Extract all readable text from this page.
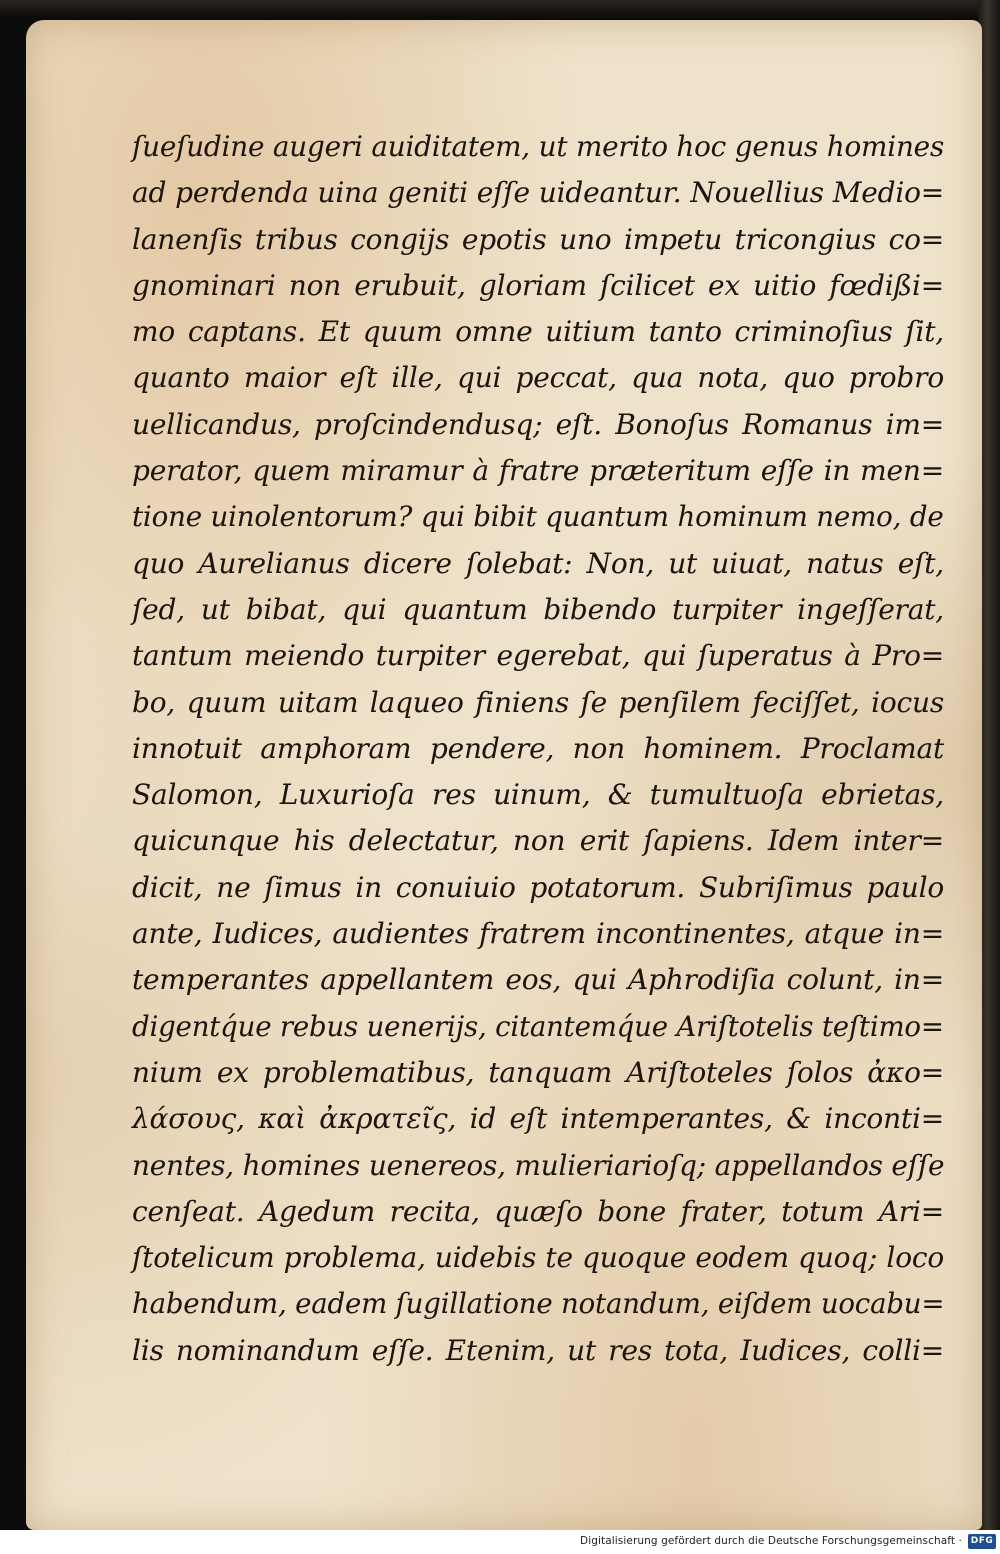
ſueſudine augeri auiditatem, ut merito hoc genus homines
ad perdenda uina geniti eſſe uideantur. Nouellius Medio=
lanenſis tribus congijs epotis uno impetu tricongius co=
gnominari non erubuit, gloriam ſcilicet ex uitio fœdißi=
mo captans. Et quum omne uitium tanto criminoſius ſit,
quanto maior eſt ille, qui peccat, qua nota, quo probro
uellicandus, proſcindendusq; eſt. Bonoſus Romanus im=
perator, quem miramur à fratre præteritum eſſe in men=
tione uinolentorum? qui bibit quantum hominum nemo, de
quo Aurelianus dicere ſolebat: Non, ut uiuat, natus eſt,
ſed, ut bibat, qui quantum bibendo turpiter ingeſſerat,
tantum meiendo turpiter egerebat, qui ſuperatus à Pro=
bo, quum uitam laqueo finiens ſe penſilem feciſſet, iocus
innotuit amphoram pendere, non hominem. Proclamat
Salomon, Luxurioſa res uinum, & tumultuoſa ebrietas,
quicunque his delectatur, non erit ſapiens. Idem inter=
dicit, ne ſimus in conuiuio potatorum. Subriſimus paulo
ante, Iudices, audientes fratrem incontinentes, atque in=
temperantes appellantem eos, qui Aphrodiſia colunt, in=
digentq́ue rebus uenerijs, citantemq́ue Ariſtotelis teſtimo=
nium ex problematibus, tanquam Ariſtoteles ſolos ἀκο=
λάσους, καὶ ἀκρατεῖς, id eſt intemperantes, & inconti=
nentes, homines uenereos, mulieriarioſq; appellandos eſſe
cenſeat. Agedum recita, quæſo bone frater, totum Ari=
ſtotelicum problema, uidebis te quoque eodem quoq; loco
habendum, eadem ſugillatione notandum, eiſdem uocabu=
lis nominandum eſſe. Etenim, ut res tota, Iudices, colli=
Digitalisierung gefördert durch die Deutsche Forschungsgemeinschaft · DFG
